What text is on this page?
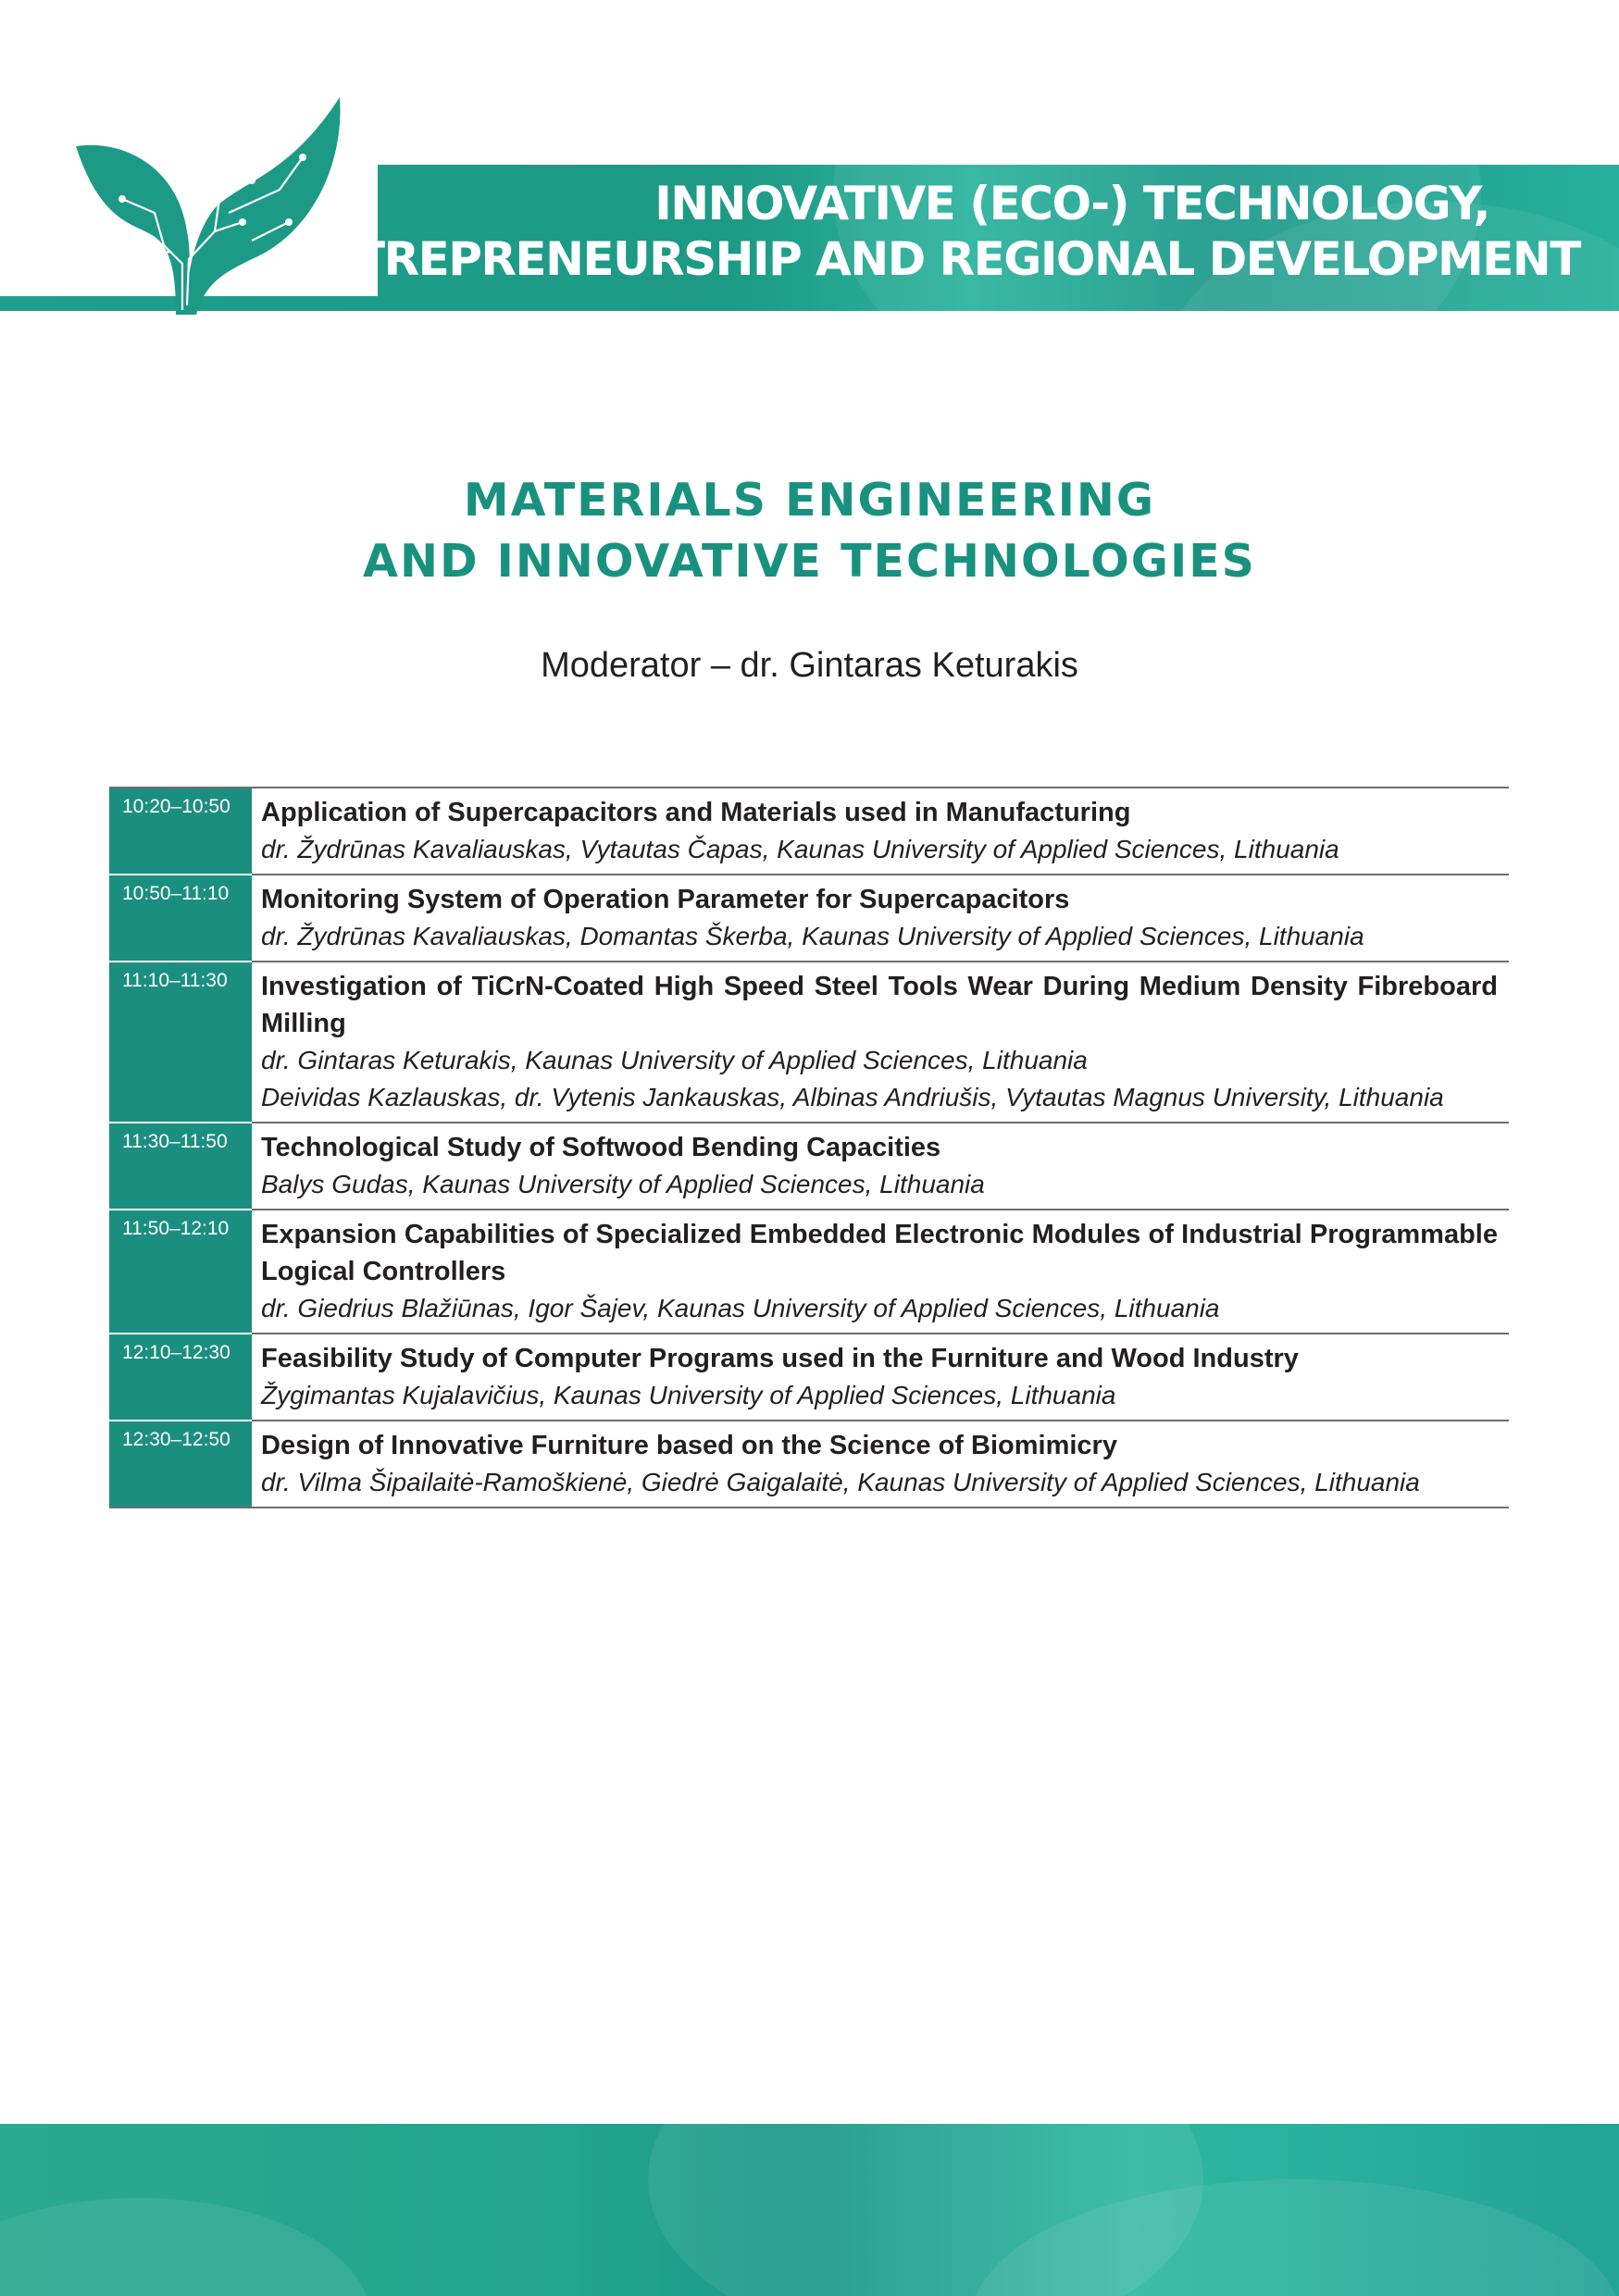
INNOVATIVE (ECO-) TECHNOLOGY,
ENTREPRENEURSHIP AND REGIONAL DEVELOPMENT
MATERIALS ENGINEERING
AND INNOVATIVE TECHNOLOGIES
Moderator – dr. Gintaras Keturakis
10:20–10:50	Application of Supercapacitors and Materials used in Manufacturing
dr. Žydrūnas Kavaliauskas, Vytautas Čapas, Kaunas University of Applied Sciences, Lithuania
10:50–11:10	Monitoring System of Operation Parameter for Supercapacitors
dr. Žydrūnas Kavaliauskas, Domantas Škerba, Kaunas University of Applied Sciences, Lithuania
11:10–11:30	Investigation of TiCrN-Coated High Speed Steel Tools Wear During Medium Density Fibreboard Milling
dr. Gintaras Keturakis, Kaunas University of Applied Sciences, Lithuania
Deividas Kazlauskas, dr. Vytenis Jankauskas, Albinas Andriušis, Vytautas Magnus University, Lithuania
11:30–11:50	Technological Study of Softwood Bending Capacities
Balys Gudas, Kaunas University of Applied Sciences, Lithuania
11:50–12:10	Expansion Capabilities of Specialized Embedded Electronic Modules of Industrial Programmable Logical Controllers
dr. Giedrius Blažiūnas, Igor Šajev, Kaunas University of Applied Sciences, Lithuania
12:10–12:30	Feasibility Study of Computer Programs used in the Furniture and Wood Industry
Žygimantas Kujalavičius, Kaunas University of Applied Sciences, Lithuania
12:30–12:50	Design of Innovative Furniture based on the Science of Biomimicry
dr. Vilma Šipailaitė-Ramoškienė, Giedrė Gaigalaitė, Kaunas University of Applied Sciences, Lithuania
